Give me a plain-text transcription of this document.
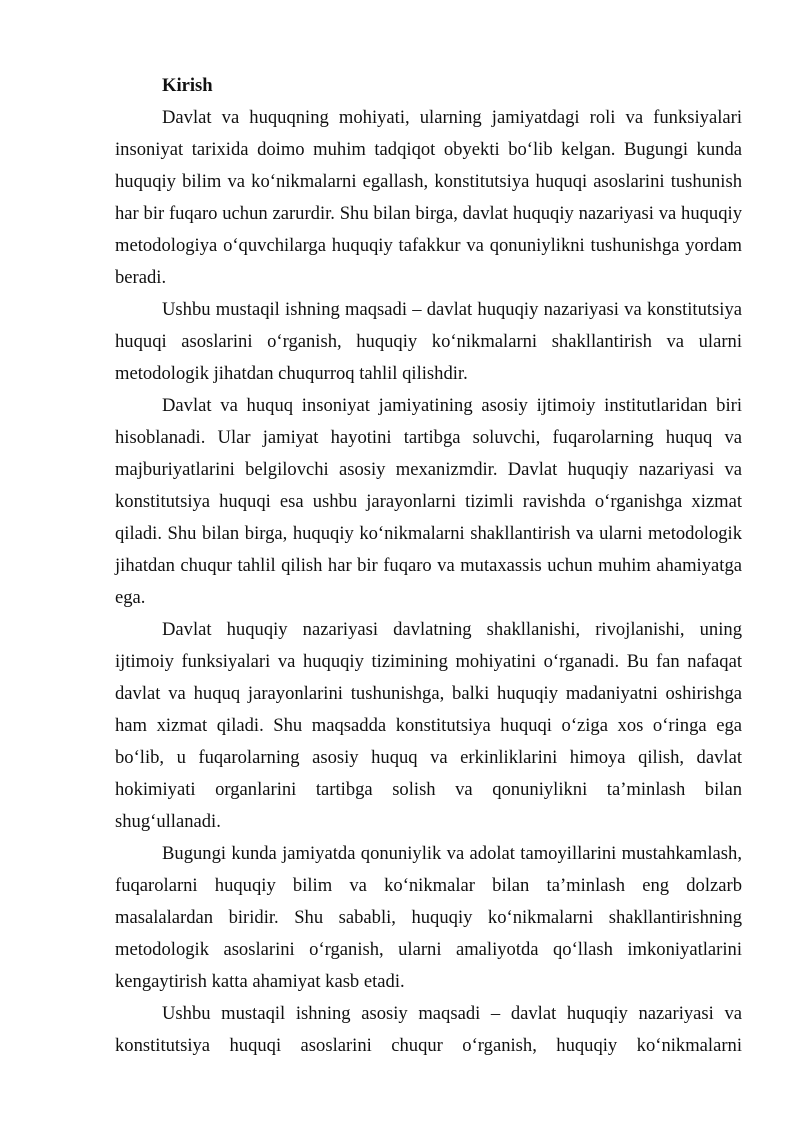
Kirish

Davlat va huquqning mohiyati, ularning jamiyatdagi roli va funksiyalari insoniyat tarixida doimo muhim tadqiqot obyekti bo‘lib kelgan. Bugungi kunda huquqiy bilim va ko‘nikmalarni egallash, konstitutsiya huquqi asoslarini tushunish har bir fuqaro uchun zarurdir. Shu bilan birga, davlat huquqiy nazariyasi va huquqiy metodologiya o‘quvchilarga huquqiy tafakkur va qonuniylikni tushunishga yordam beradi.

Ushbu mustaqil ishning maqsadi – davlat huquqiy nazariyasi va konstitutsiya huquqi asoslarini o‘rganish, huquqiy ko‘nikmalarni shakllantirish va ularni metodologik jihatdan chuqurroq tahlil qilishdir.

Davlat va huquq insoniyat jamiyatining asosiy ijtimoiy institutlaridan biri hisoblanadi. Ular jamiyat hayotini tartibga soluvchi, fuqarolarning huquq va majburiyatlarini belgilovchi asosiy mexanizmdir. Davlat huquqiy nazariyasi va konstitutsiya huquqi esa ushbu jarayonlarni tizimli ravishda o‘rganishga xizmat qiladi. Shu bilan birga, huquqiy ko‘nikmalarni shakllantirish va ularni metodologik jihatdan chuqur tahlil qilish har bir fuqaro va mutaxassis uchun muhim ahamiyatga ega.

Davlat huquqiy nazariyasi davlatning shakllanishi, rivojlanishi, uning ijtimoiy funksiyalari va huquqiy tizimining mohiyatini o‘rganadi. Bu fan nafaqat davlat va huquq jarayonlarini tushunishga, balki huquqiy madaniyatni oshirishga ham xizmat qiladi. Shu maqsadda konstitutsiya huquqi o‘ziga xos o‘ringa ega bo‘lib, u fuqarolarning asosiy huquq va erkinliklarini himoya qilish, davlat hokimiyati organlarini tartibga solish va qonuniylikni ta’minlash bilan shug‘ullanadi.

Bugungi kunda jamiyatda qonuniylik va adolat tamoyillarini mustahkamlash, fuqarolarni huquqiy bilim va ko‘nikmalar bilan ta’minlash eng dolzarb masalalardan biridir. Shu sababli, huquqiy ko‘nikmalarni shakllantirishning metodologik asoslarini o‘rganish, ularni amaliyotda qo‘llash imkoniyatlarini kengaytirish katta ahamiyat kasb etadi.

Ushbu mustaqil ishning asosiy maqsadi – davlat huquqiy nazariyasi va konstitutsiya huquqi asoslarini chuqur o‘rganish, huquqiy ko‘nikmalarni
